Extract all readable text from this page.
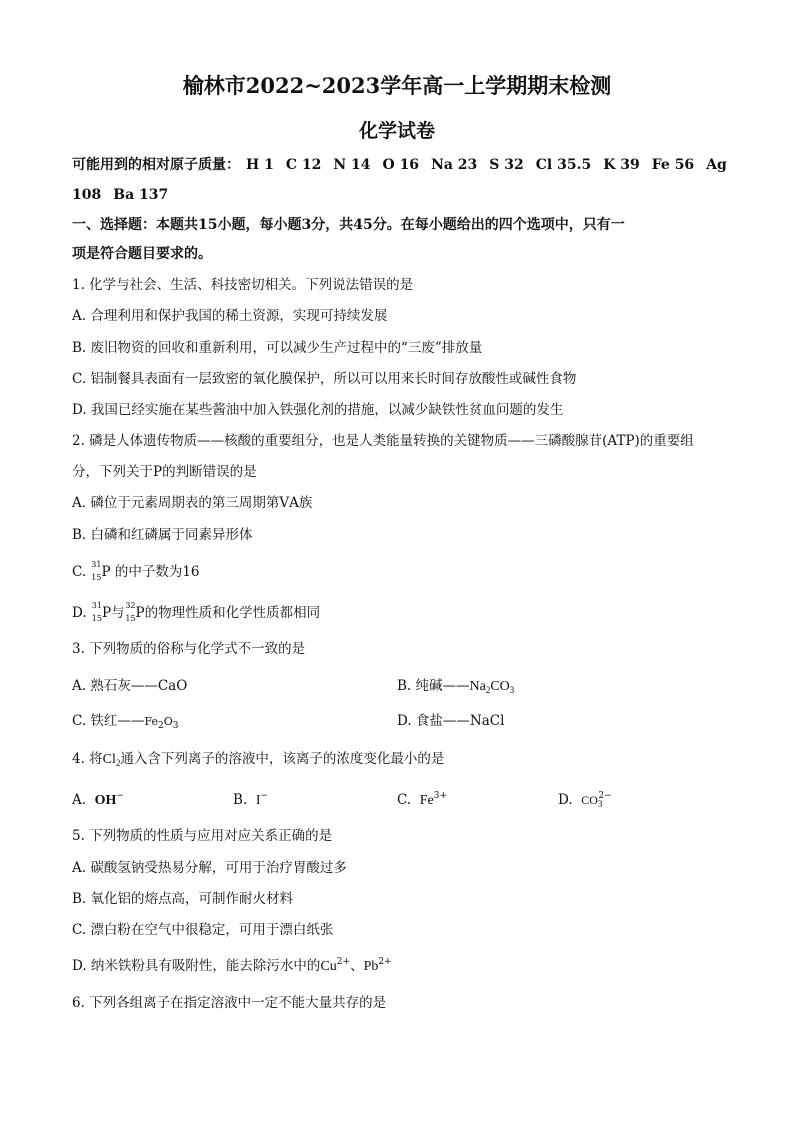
榆林市2022~2023学年高一上学期期末检测
化学试卷
可能用到的相对原子质量： H 1 C 12 N 14 O 16 Na 23 S 32 Cl 35.5 K 39 Fe 56 Ag 108 Ba 137
一、选择题：本题共15小题，每小题3分，共45分。在每小题给出的四个选项中，只有一
项是符合题目要求的。
1. 化学与社会、生活、科技密切相关。下列说法错误的是
A. 合理利用和保护我国的稀土资源，实现可持续发展
B. 废旧物资的回收和重新利用，可以减少生产过程中的“三废”排放量
C. 铝制餐具表面有一层致密的氧化膜保护，所以可以用来长时间存放酸性或碱性食物
D. 我国已经实施在某些酱油中加入铁强化剂的措施，以减少缺铁性贫血问题的发生
2. 磷是人体遗传物质——核酸的重要组分，也是人类能量转换的关键物质——三磷酸腺苷(ATP)的重要组
分，下列关于P的判断错误的是
A. 磷位于元素周期表的第三周期第ⅤA族
B. 白磷和红磷属于同素异形体
C. 31
15 P 的中子数为16
D. 31
15 P与 32
15 P的物理性质和化学性质都相同
3. 下列物质的俗称与化学式不一致的是
A. 熟石灰——CaO	B. 纯碱$——Na_2CO_3$
C. 铁红$——Fe_2O_3$	D. 食盐——NaCl
4. 将$Cl_2$通入含下列离子的溶液中，该离子的浓度变化最小的是
A. OH−	B. I−	C. $Fe^{3+}$	D. $CO_3^{2-}$
5. 下列物质的性质与应用对应关系正确的是
A. 碳酸氢钠受热易分解，可用于治疗胃酸过多
B. 氧化铝的熔点高，可制作耐火材料
C. 漂白粉在空气中很稳定，可用于漂白纸张
D. 纳米铁粉具有吸附性，能去除污水中的$Cu^{2+}$、$Pb^{2+}$
6. 下列各组离子在指定溶液中一定不能大量共存的是
